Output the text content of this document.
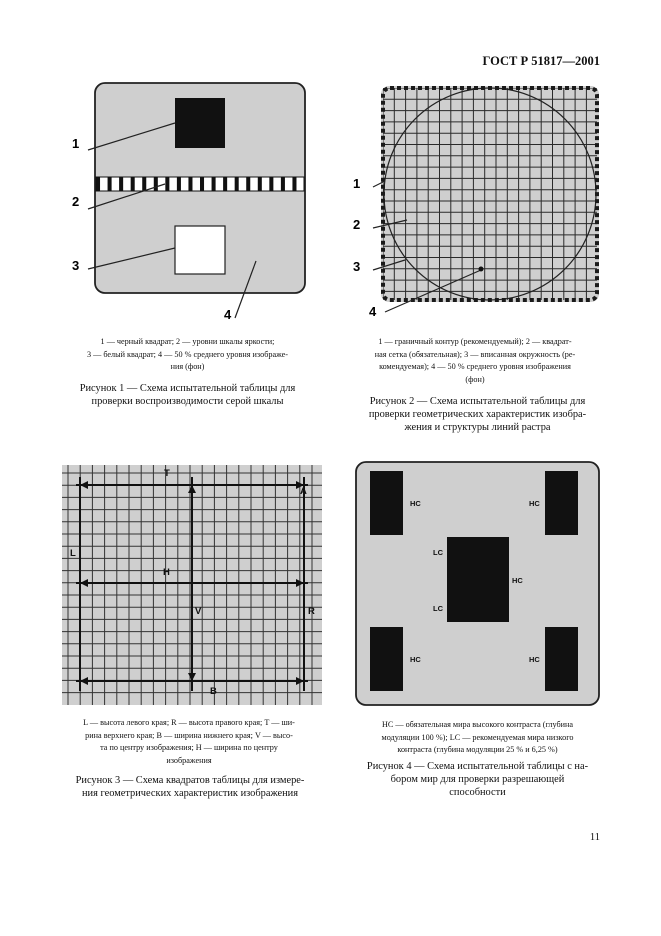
ГОСТ Р 51817—2001
1
2
3
4
1 — черный квадрат; 2 — уровни шкалы яркости;
3 — белый квадрат; 4 — 50 % среднего уровня изображе-
ния (фон)
Рисунок 1 — Схема испытательной таблицы для
проверки воспроизводимости серой шкалы
1
2
3
4
1 — граничный контур (рекомендуемый); 2 — квадрат-
ная сетка (обязательная); 3 — вписанная окружность (ре-
комендуемая); 4 — 50 % среднего уровня изображения
(фон)
Рисунок 2 — Схема испытательной таблицы для
проверки геометрических характеристик изобра-
жения и структуры линий растра
T
A
L
H
V	R
B
L — высота левого края; R — высота правого края; T — ши-
рина верхнего края; B — ширина нижнего края; V — высо-
та по центру изображения; H — ширина по центру
изображения
Рисунок 3 — Схема квадратов таблицы для измере-
ния геометрических характеристик изображения
HC	HC
HC	HC
HC
LC
LC
HC — обязательная мира высокого контраста (глубина
модуляции 100 %); LC — рекомендуемая мира низкого
контраста (глубина модуляции 25 % и 6,25 %)
Рисунок 4 — Схема испытательной таблицы с на-
бором мир для проверки разрешающей
способности
11
